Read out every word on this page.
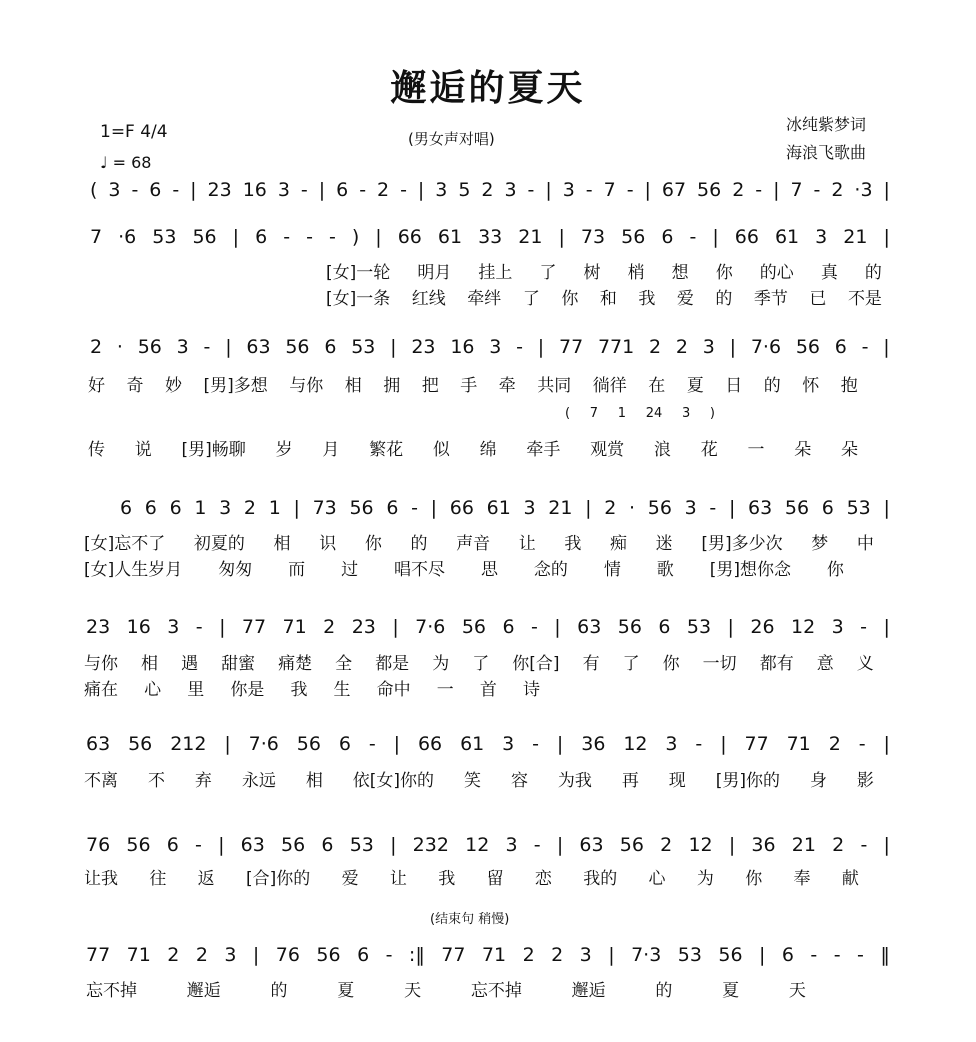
邂逅的夏天
(男女声对唱)
冰纯紫梦词
海浪飞歌曲
1=F 4/4
♩ = 68
( 3 - 6 - | 23 16 3 - | 6 - 2 - | 3 5 2 3 - | 3 - 7 - | 67 56 2 - | 7 - 2 ·3 |
7 ·6 53 56 | 6 - - - ) | 66 61 33 21 | 73 56 6 - | 66 61 3 21 |
[女]一轮 明月 挂上 了 树 梢 想 你 的心 真 的
[女]一条 红线 牵绊 了 你 和 我 爱 的 季节 已 不是
2 · 56 3 - | 63 56 6 53 | 23 16 3 - | 77 771 2 2 3 | 7·6 56 6 - |
好 奇 妙 [男]多想 与你 相 拥 把 手 牵 共同 徜徉 在 夏 日 的 怀 抱
( 7 1 24 3 )
传 说 [男]畅聊 岁 月 繁花 似 绵 牵手 观赏 浪 花 一 朵 朵
6 6 6 1 3 2 1 | 73 56 6 - | 66 61 3 21 | 2 · 56 3 - | 63 56 6 53 |
[女]忘不了 初夏的 相 识 你 的 声音 让 我 痴 迷 [男]多少次 梦 中
[女]人生岁月 匆匆 而 过 唱不尽 思 念的 情 歌 [男]想你念 你
23 16 3 - | 77 71 2 23 | 7·6 56 6 - | 63 56 6 53 | 26 12 3 - |
与你 相 遇 甜蜜 痛楚 全 都是 为 了 你[合] 有 了 你 一切 都有 意 义
痛在 心 里 你是 我 生 命中 一 首 诗
63 56 212 | 7·6 56 6 - | 66 61 3 - | 36 12 3 - | 77 71 2 - |
不离 不 弃 永远 相 依[女]你的 笑 容 为我 再 现 [男]你的 身 影
76 56 6 - | 63 56 6 53 | 232 12 3 - | 63 56 2 12 | 36 21 2 - |
让我 往 返 [合]你的 爱 让 我 留 恋 我的 心 为 你 奉 献
(结束句 稍慢)
77 71 2 2 3 | 76 56 6 - :‖ 77 71 2 2 3 | 7·3 53 56 | 6 - - - ‖
忘不掉	邂逅	的	夏	天	忘不掉	邂逅	的	夏	天
